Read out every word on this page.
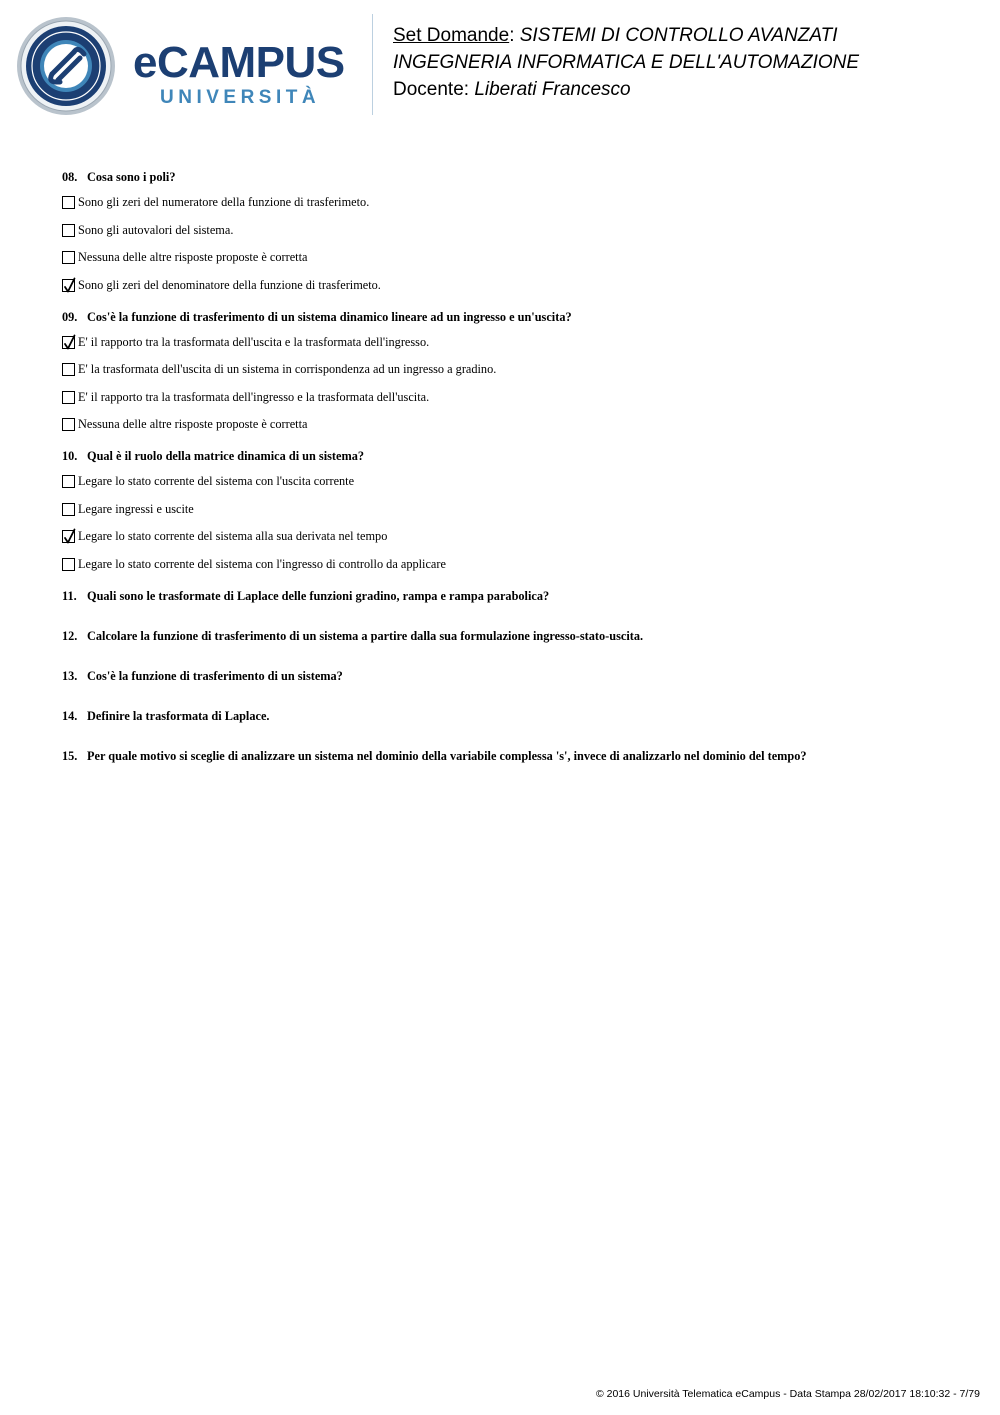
eCAMPUS
UNIVERSITÀ
Set Domande: SISTEMI DI CONTROLLO AVANZATI
INGEGNERIA INFORMATICA E DELL'AUTOMAZIONE
Docente: Liberati Francesco
08. Cosa sono i poli?
Sono gli zeri del numeratore della funzione di trasferimeto.
Sono gli autovalori del sistema.
Nessuna delle altre risposte proposte è corretta
Sono gli zeri del denominatore della funzione di trasferimeto.
09. Cos'è la funzione di trasferimento di un sistema dinamico lineare ad un ingresso e un'uscita?
E' il rapporto tra la trasformata dell'uscita e la trasformata dell'ingresso.
E' la trasformata dell'uscita di un sistema in corrispondenza ad un ingresso a gradino.
E' il rapporto tra la trasformata dell'ingresso e la trasformata dell'uscita.
Nessuna delle altre risposte proposte è corretta
10. Qual è il ruolo della matrice dinamica di un sistema?
Legare lo stato corrente del sistema con l'uscita corrente
Legare ingressi e uscite
Legare lo stato corrente del sistema alla sua derivata nel tempo
Legare lo stato corrente del sistema con l'ingresso di controllo da applicare
11. Quali sono le trasformate di Laplace delle funzioni gradino, rampa e rampa parabolica?
12. Calcolare la funzione di trasferimento di un sistema a partire dalla sua formulazione ingresso-stato-uscita.
13. Cos'è la funzione di trasferimento di un sistema?
14. Definire la trasformata di Laplace.
15. Per quale motivo si sceglie di analizzare un sistema nel dominio della variabile complessa 's', invece di analizzarlo nel dominio del tempo?
© 2016 Università Telematica eCampus - Data Stampa 28/02/2017 18:10:32 - 7/79
